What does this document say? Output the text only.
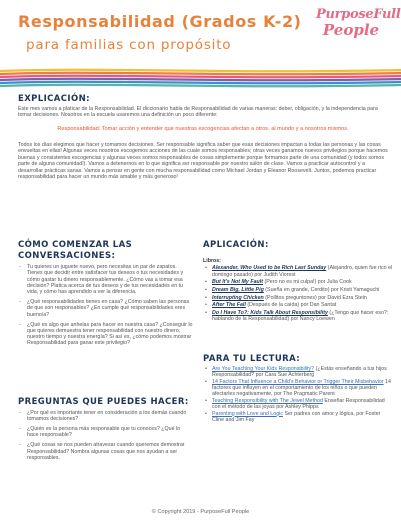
Responsabilidad (Grados K-2)
para familias con propósito
PurposeFull
People
EXPLICACIÓN:
Este mes vamos a platicar de la Responsabilidad. El diccionario habla de Responsabilidad de varias maneras: deber, obligación, y la independencia para tomar decisiones. Nosotros en la escuela usaremos una definición un poco diferente:
Responsabilidad: Tomar acción y entender que nuestras escogencias afectan a otros, al mundo y a nosotros mismos.
Todos los días elegimos que hacer y tomamos decisiones. Ser responsable significa saber que esas decisiones impactan a todas las personas y las cosas envueltas en ellas! Algunas veces nosotros escogemos acciones de las cuale somos responsables; otras veces ganamos nuevos privilegios porque hacemos buenas y consistentes escogencias y algunas veces somos responsables de cosas simplemente porque formamos parte de una comunidad (y todos somos parte de alguna comunidad!). Vamos a detenernos en lo que significa ser responsable por nuestro salón de clase. Vamos a practicar autocontrol y a desarrollar prácticas sanas. Vamos a pensar en gente con mucha responsabilidad como Michael Jordan y Eleanor Roosevelt. Juntos, podemos practicar responsabilidad para hacer un mundo más amable y más generoso!
CÓMO COMENZAR LAS
CONVERSACIONES:
- Tu quieres un juguete nuevo, pero necesitas un par de zapatos. Tienes que decidir entre satisfacer tus deseos o tus necesidades y cómo gastar tu dinero responsablemente. ¿Cómo vas a tomar esa decisión? Platica acerca de tus deseos y de tus necesidades en tu vida, y cómo has aprendido a ver la diferencia.
- ¿Qué responsabilidades tienes en casa? ¿Cómo saben las personas de que son responsables? ¿En cumple qué responsabilidades eres bueno/a?
- ¿Qué es algo que anhelas para hacer en nuestra casa? ¿Conseguir lo que quieres demuestra tener responsabilidad con nuestro dinero, nuestro tiempo y nuestra energía? Si así es, ¿cómo podemos mostrar Responsabilidad para ganar este privilegio?
PREGUNTAS QUE PUEDES HACER:
- ¿Por qué es importante tener en consideración a los demás cuando tomamos decisiones?
- ¿Quién es la persona más responsable que tu conoces? ¿Qué lo hace responsable?
- ¿Qué cosas se nos pueden atravesar cuando queremos demostrar Responsabilidad? Nombra algunas cosas que nos ayudan a ser responsables.
APLICACIÓN:
Libros:
• Alexander, Who Used to be Rich Last Sunday (Alejandro, quien fue rico el domingo pasado) por Judith Viorest
• But It's Not My Fault (Pero no es mi culpa!) por Julia Cook
• Dream Big, Little Pig (Sueña en grande, Cerdito) por Kristi Yamaguchi
• Interrupting Chicken (Pollitos preguntones) por David Ezra Stein
• After The Fall (Después de la caída) por Dan Santat
• Do I Have To?: Kids Talk About Responsibility (¿Tengo que hacer eso?: hablando de la Responsabilidad) por Nancy Loewen
PARA TU LECTURA:
• Are You Teaching Your Kids Responsibility? (¿Estás enseñando a tus hijos Responsabilidad? por Cara Sue Achterberg
• 14 Factors That Influence a Child's Behavior or Trigger Their Misbehavior 14 factores que influyen en el comportamiento de los niños o que pueden afectarles negativamente, por The Pragmatic Parent
• Teaching Responsibility with The Jewel Method Enseñar Responsabilidad con el método de las joyas por Ashley Phipps
• Parenting with Love and Logic Ser padres con amor y lógica, por Foster Cline and Jim Fay
© Copyright 2019 - PurposeFull People
